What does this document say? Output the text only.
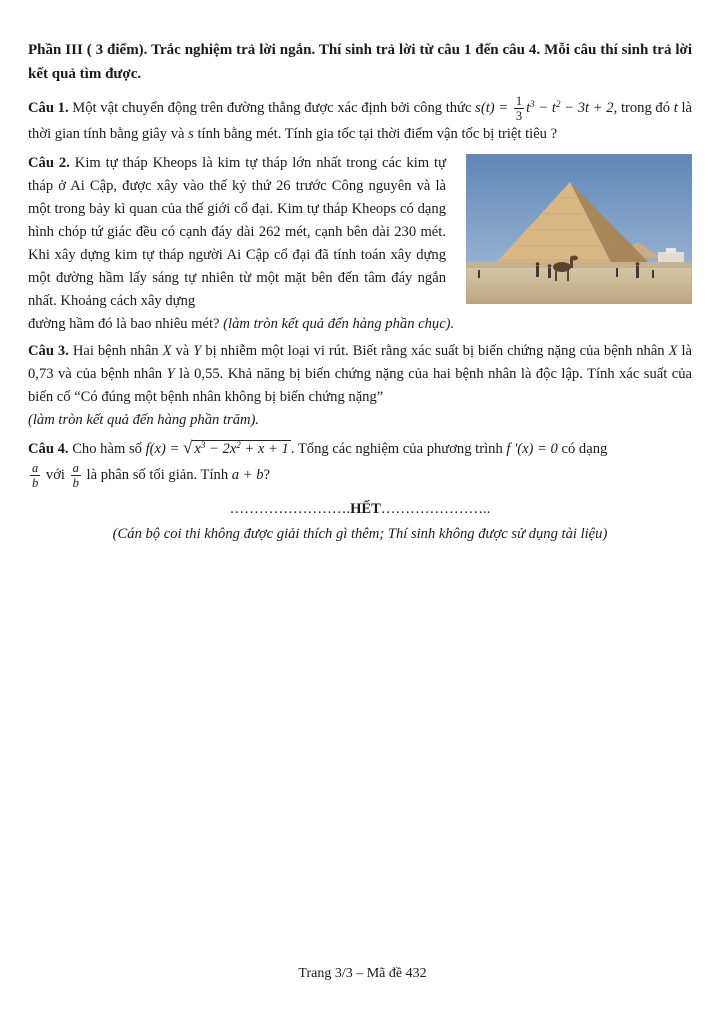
Phần III ( 3 điểm). Trắc nghiệm trả lời ngắn. Thí sinh trả lời từ câu 1 đến câu 4. Mỗi câu thí sinh trả lời kết quả tìm được.

Câu 1. Một vật chuyển động trên đường thẳng được xác định bởi công thức $s(t) = \frac{1}{3} t^3 - t^2 - 3t + 2$, trong đó t là thời gian tính bằng giây và s tính bằng mét. Tính gia tốc tại thời điểm vận tốc bị triệt tiêu ?

Câu 2. Kim tự tháp Kheops là kim tự tháp lớn nhất trong các kim tự tháp ở Ai Cập, được xây vào thế kỷ thứ 26 trước Công nguyên và là một trong bảy kì quan của thế giới cổ đại. Kim tự tháp Kheops có dạng hình chóp tứ giác đều có cạnh đáy dài 262 mét, cạnh bên dài 230 mét. Khi xây dựng kim tự tháp người Ai Cập cổ đại đã tính toán xây dựng một đường hầm lấy sáng tự nhiên từ một mặt bên đến tâm đáy ngắn nhất. Khoảng cách xây dựng

đường hầm đó là bao nhiêu mét? (làm tròn kết quả đến hàng phần chục).

Câu 3. Hai bệnh nhân X và Y bị nhiễm một loại vi rút. Biết rằng xác suất bị biến chứng nặng của bệnh nhân X là 0,73 và của bệnh nhân Y là 0,55. Khả năng bị biến chứng nặng của hai bệnh nhân là độc lập. Tính xác suất của biến cố “Có đúng một bệnh nhân không bị biến chứng nặng”
(làm tròn kết quả đến hàng phần trăm).

Câu 4. Cho hàm số f(x) = √ $x^3 - 2x^2 + x + 1$ . Tổng các nghiệm của phương trình f '(x) = 0 có dạng

$\frac{a}{b}$ với $\frac{a}{b}$ là phân số tối giản. Tính a + b?

…………………….HẾT…………………..

(Cán bộ coi thi không được giải thích gì thêm; Thí sinh không được sử dụng tài liệu)

Trang 3/3 – Mã đề 432
